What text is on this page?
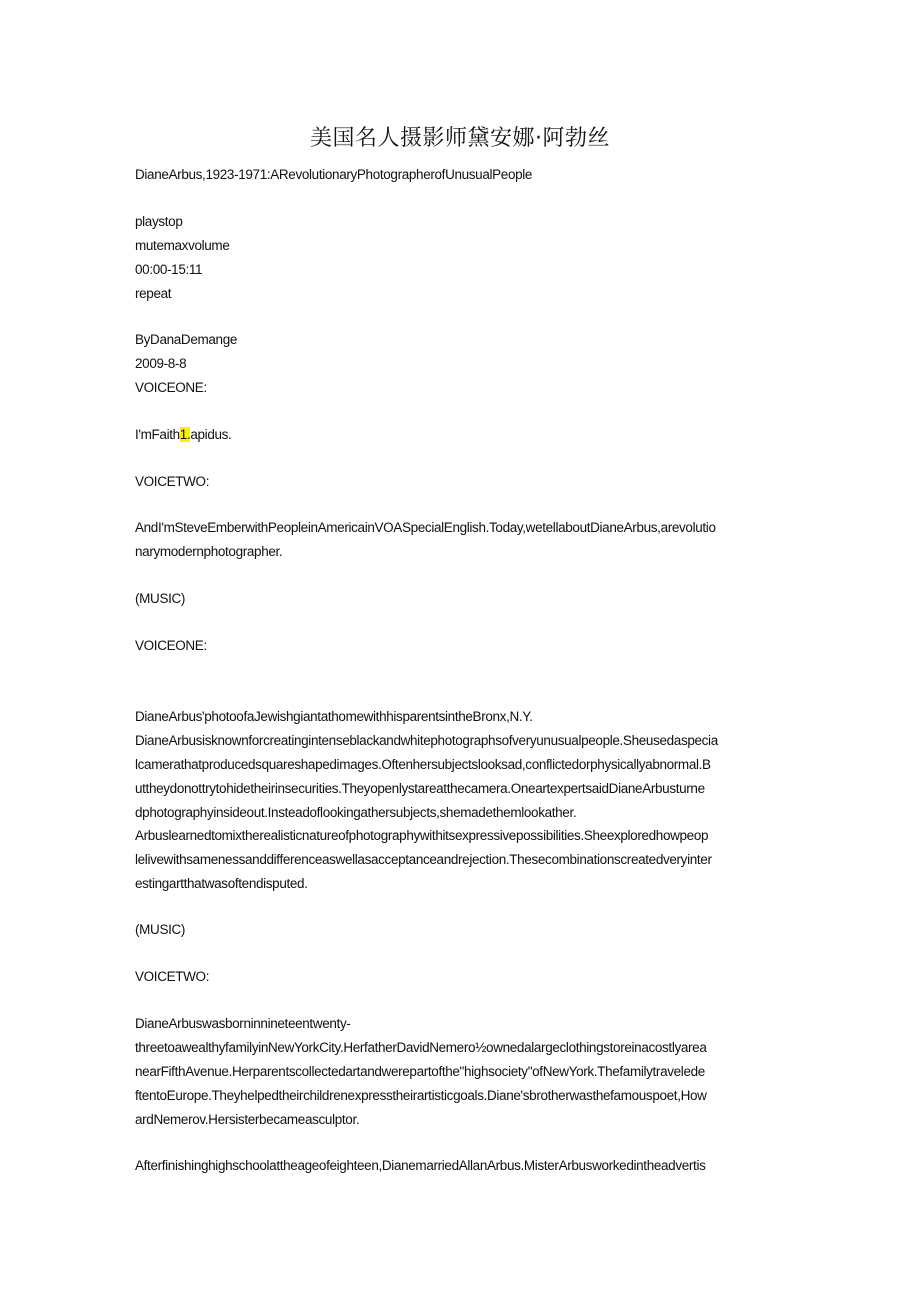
美国名人摄影师黛安娜·阿勃丝
DianeArbus,1923-1971:ARevolutionaryPhotographerofUnusualPeople
playstop
mutemaxvolume
00:00-15:11
repeat
ByDanaDemange
2009-8-8
VOICEONE:
I'mFaith1.apidus.
VOICETWO:
AndI'mSteveEmberwithPeopleinAmericainVOASpecialEnglish.Today,wetellaboutDianeArbus,arevolutio
narymodernphotographer.
(MUSIC)
VOICEONE:
DianeArbus'photoofaJewishgiantathomewithhisparentsintheBronx,N.Y.
DianeArbusisknownforcreatingintenseblackandwhitephotographsofveryunusualpeople.Sheusedaspecia
lcamerathatproducedsquareshapedimages.Oftenhersubjectslooksad,conflictedorphysicallyabnormal.B
uttheydonottrytohidetheirinsecurities.Theyopenlystareatthecamera.OneartexpertsaidDianeArbusturne
dphotographyinsideout.Insteadoflookingathersubjects,shemadethemlookather.
Arbuslearnedtomixtherealisticnatureofphotographywithitsexpressivepossibilities.Sheexploredhowpeop
lelivewithsamenessanddifferenceaswellasacceptanceandrejection.Thesecombinationscreatedveryinter
estingartthatwasoftendisputed.
(MUSIC)
VOICETWO:
DianeArbuswasborninnineteentwenty-
threetoawealthyfamilyinNewYorkCity.HerfatherDavidNemero½ownedalargeclothingstoreinacostlyarea
nearFifthAvenue.Herparentscollectedartandwerepartofthe"highsociety"ofNewYork.Thefamilytravelede
ftentoEurope.Theyhelpedtheirchildrenexpresstheirartisticgoals.Diane'sbrotherwasthefamouspoet,How
ardNemerov.Hersisterbecameasculptor.
Afterfinishinghighschoolattheageofeighteen,DianemarriedAllanArbus.MisterArbusworkedintheadvertis
